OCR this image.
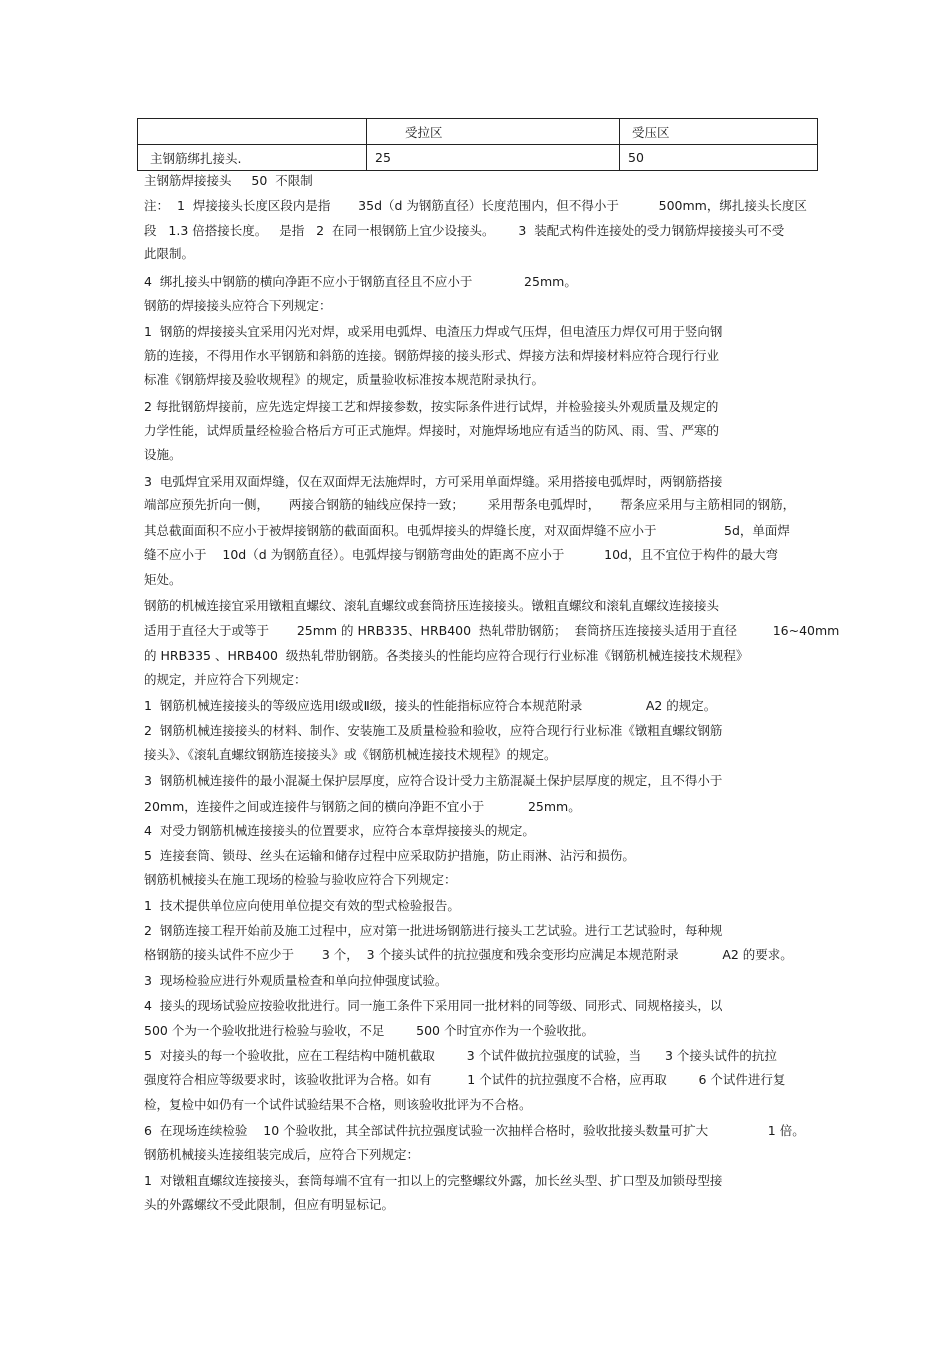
	受拉区	受压区
主钢筋绑扎接头.	25	50
主钢筋焊接接头     50  不限制
注：  1  焊接接头长度区段内是指       35d（d 为钢筋直径）长度范围内，但不得小于          500mm，绑扎接头长度区
段   1.3 倍搭接长度。   是指   2  在同一根钢筋上宜少设接头。      3  装配式构件连接处的受力钢筋焊接接头可不受
此限制。
4  绑扎接头中钢筋的横向净距不应小于钢筋直径且不应小于             25mm。
钢筋的焊接接头应符合下列规定：
1  钢筋的焊接接头宜采用闪光对焊，或采用电弧焊、电渣压力焊或气压焊，但电渣压力焊仅可用于竖向钢
筋的连接，不得用作水平钢筋和斜筋的连接。钢筋焊接的接头形式、焊接方法和焊接材料应符合现行行业
标准《钢筋焊接及验收规程》的规定，质量验收标准按本规范附录执行。
2 每批钢筋焊接前，应先选定焊接工艺和焊接参数，按实际条件进行试焊，并检验接头外观质量及规定的
力学性能，试焊质量经检验合格后方可正式施焊。焊接时，对施焊场地应有适当的防风、雨、雪、严寒的
设施。
3  电弧焊宜采用双面焊缝，仅在双面焊无法施焊时，方可采用单面焊缝。采用搭接电弧焊时，两钢筋搭接
端部应预先折向一侧，     两接合钢筋的轴线应保持一致；      采用帮条电弧焊时，     帮条应采用与主筋相同的钢筋，
其总截面面积不应小于被焊接钢筋的截面面积。电弧焊接头的焊缝长度，对双面焊缝不应小于                 5d，单面焊
缝不应小于    10d（d 为钢筋直径）。电弧焊接与钢筋弯曲处的距离不应小于          10d，且不宜位于构件的最大弯
矩处。
钢筋的机械连接宜采用镦粗直螺纹、滚轧直螺纹或套筒挤压连接接头。镦粗直螺纹和滚轧直螺纹连接接头
适用于直径大于或等于       25mm 的 HRB335、HRB400  热轧带肋钢筋；  套筒挤压连接接头适用于直径         16~40mm
的 HRB335 、HRB400  级热轧带肋钢筋。各类接头的性能均应符合现行行业标准《钢筋机械连接技术规程》
的规定，并应符合下列规定：
1  钢筋机械连接接头的等级应选用Ⅰ级或Ⅱ级，接头的性能指标应符合本规范附录                A2 的规定。
2  钢筋机械连接接头的材料、制作、安装施工及质量检验和验收，应符合现行行业标准《镦粗直螺纹钢筋
接头》、《滚轧直螺纹钢筋连接接头》或《钢筋机械连接技术规程》的规定。
3  钢筋机械连接件的最小混凝土保护层厚度，应符合设计受力主筋混凝土保护层厚度的规定，且不得小于
20mm，连接件之间或连接件与钢筋之间的横向净距不宜小于           25mm。
4  对受力钢筋机械连接接头的位置要求，应符合本章焊接接头的规定。
5  连接套筒、锁母、丝头在运输和储存过程中应采取防护措施，防止雨淋、沾污和损伤。
钢筋机械接头在施工现场的检验与验收应符合下列规定：
1  技术提供单位应向使用单位提交有效的型式检验报告。
2  钢筋连接工程开始前及施工过程中，应对第一批进场钢筋进行接头工艺试验。进行工艺试验时，每种规
格钢筋的接头试件不应少于       3 个，  3 个接头试件的抗拉强度和残余变形均应满足本规范附录           A2 的要求。
3  现场检验应进行外观质量检查和单向拉伸强度试验。
4  接头的现场试验应按验收批进行。同一施工条件下采用同一批材料的同等级、同形式、同规格接头，以
500 个为一个验收批进行检验与验收，不足        500 个时宜亦作为一个验收批。
5  对接头的每一个验收批，应在工程结构中随机截取        3 个试件做抗拉强度的试验，当      3 个接头试件的抗拉
强度符合相应等级要求时，该验收批评为合格。如有         1 个试件的抗拉强度不合格，应再取        6 个试件进行复
检，复检中如仍有一个试件试验结果不合格，则该验收批评为不合格。
6  在现场连续检验    10 个验收批，其全部试件抗拉强度试验一次抽样合格时，验收批接头数量可扩大               1 倍。
钢筋机械接头连接组装完成后，应符合下列规定：
1  对镦粗直螺纹连接接头，套筒每端不宜有一扣以上的完整螺纹外露，加长丝头型、扩口型及加锁母型接
头的外露螺纹不受此限制，但应有明显标记。
